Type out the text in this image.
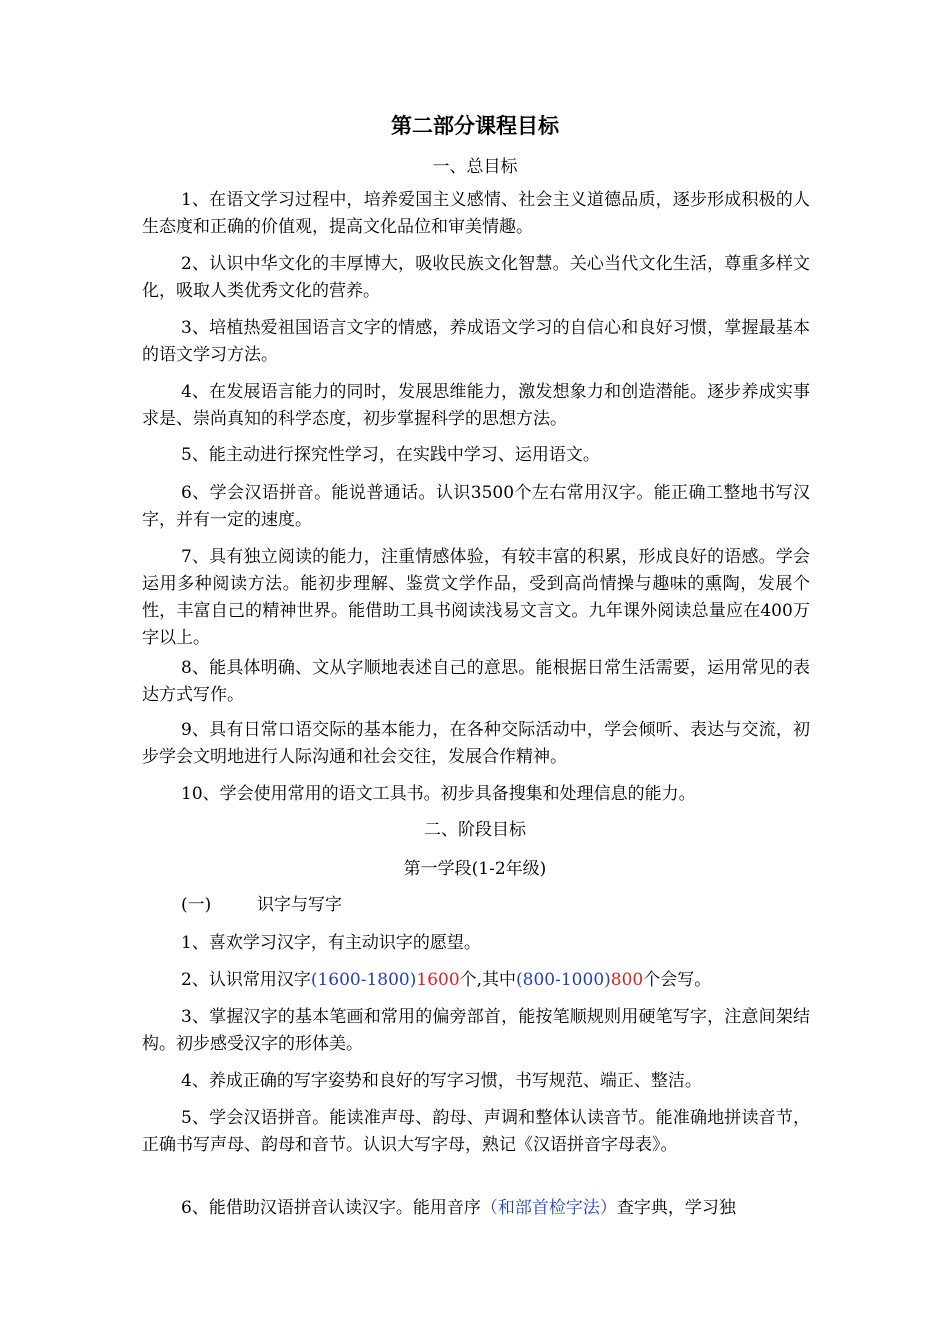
第二部分课程目标
一、总目标

1、在语文学习过程中，培养爱国主义感情、社会主义道德品质，逐步形成积极的人生态度和正确的价值观，提高文化品位和审美情趣。

2、认识中华文化的丰厚博大，吸收民族文化智慧。关心当代文化生活，尊重多样文化，吸取人类优秀文化的营养。

3、培植热爱祖国语言文字的情感，养成语文学习的自信心和良好习惯，掌握最基本的语文学习方法。

4、在发展语言能力的同时，发展思维能力，激发想象力和创造潜能。逐步养成实事求是、崇尚真知的科学态度，初步掌握科学的思想方法。

5、能主动进行探究性学习，在实践中学习、运用语文。

6、学会汉语拼音。能说普通话。认识3500个左右常用汉字。能正确工整地书写汉字，并有一定的速度。

7、具有独立阅读的能力，注重情感体验，有较丰富的积累，形成良好的语感。学会运用多种阅读方法。能初步理解、鉴赏文学作品，受到高尚情操与趣味的熏陶，发展个性，丰富自己的精神世界。能借助工具书阅读浅易文言文。九年课外阅读总量应在400万字以上。

8、能具体明确、文从字顺地表述自己的意思。能根据日常生活需要，运用常见的表达方式写作。

9、具有日常口语交际的基本能力，在各种交际活动中，学会倾听、表达与交流，初步学会文明地进行人际沟通和社会交往，发展合作精神。

10、学会使用常用的语文工具书。初步具备搜集和处理信息的能力。

二、阶段目标
第一学段(1-2年级)
(一)	识字与写字

1、喜欢学习汉字，有主动识字的愿望。

2、认识常用汉字(1600-1800)1600个,其中(800-1000)800个会写。

3、掌握汉字的基本笔画和常用的偏旁部首，能按笔顺规则用硬笔写字，注意间架结构。初步感受汉字的形体美。

4、养成正确的写字姿势和良好的写字习惯，书写规范、端正、整洁。

5、学会汉语拼音。能读准声母、韵母、声调和整体认读音节。能准确地拼读音节，正确书写声母、韵母和音节。认识大写字母，熟记《汉语拼音字母表》。

6、能借助汉语拼音认读汉字。能用音序（和部首检字法）查字典，学习独
